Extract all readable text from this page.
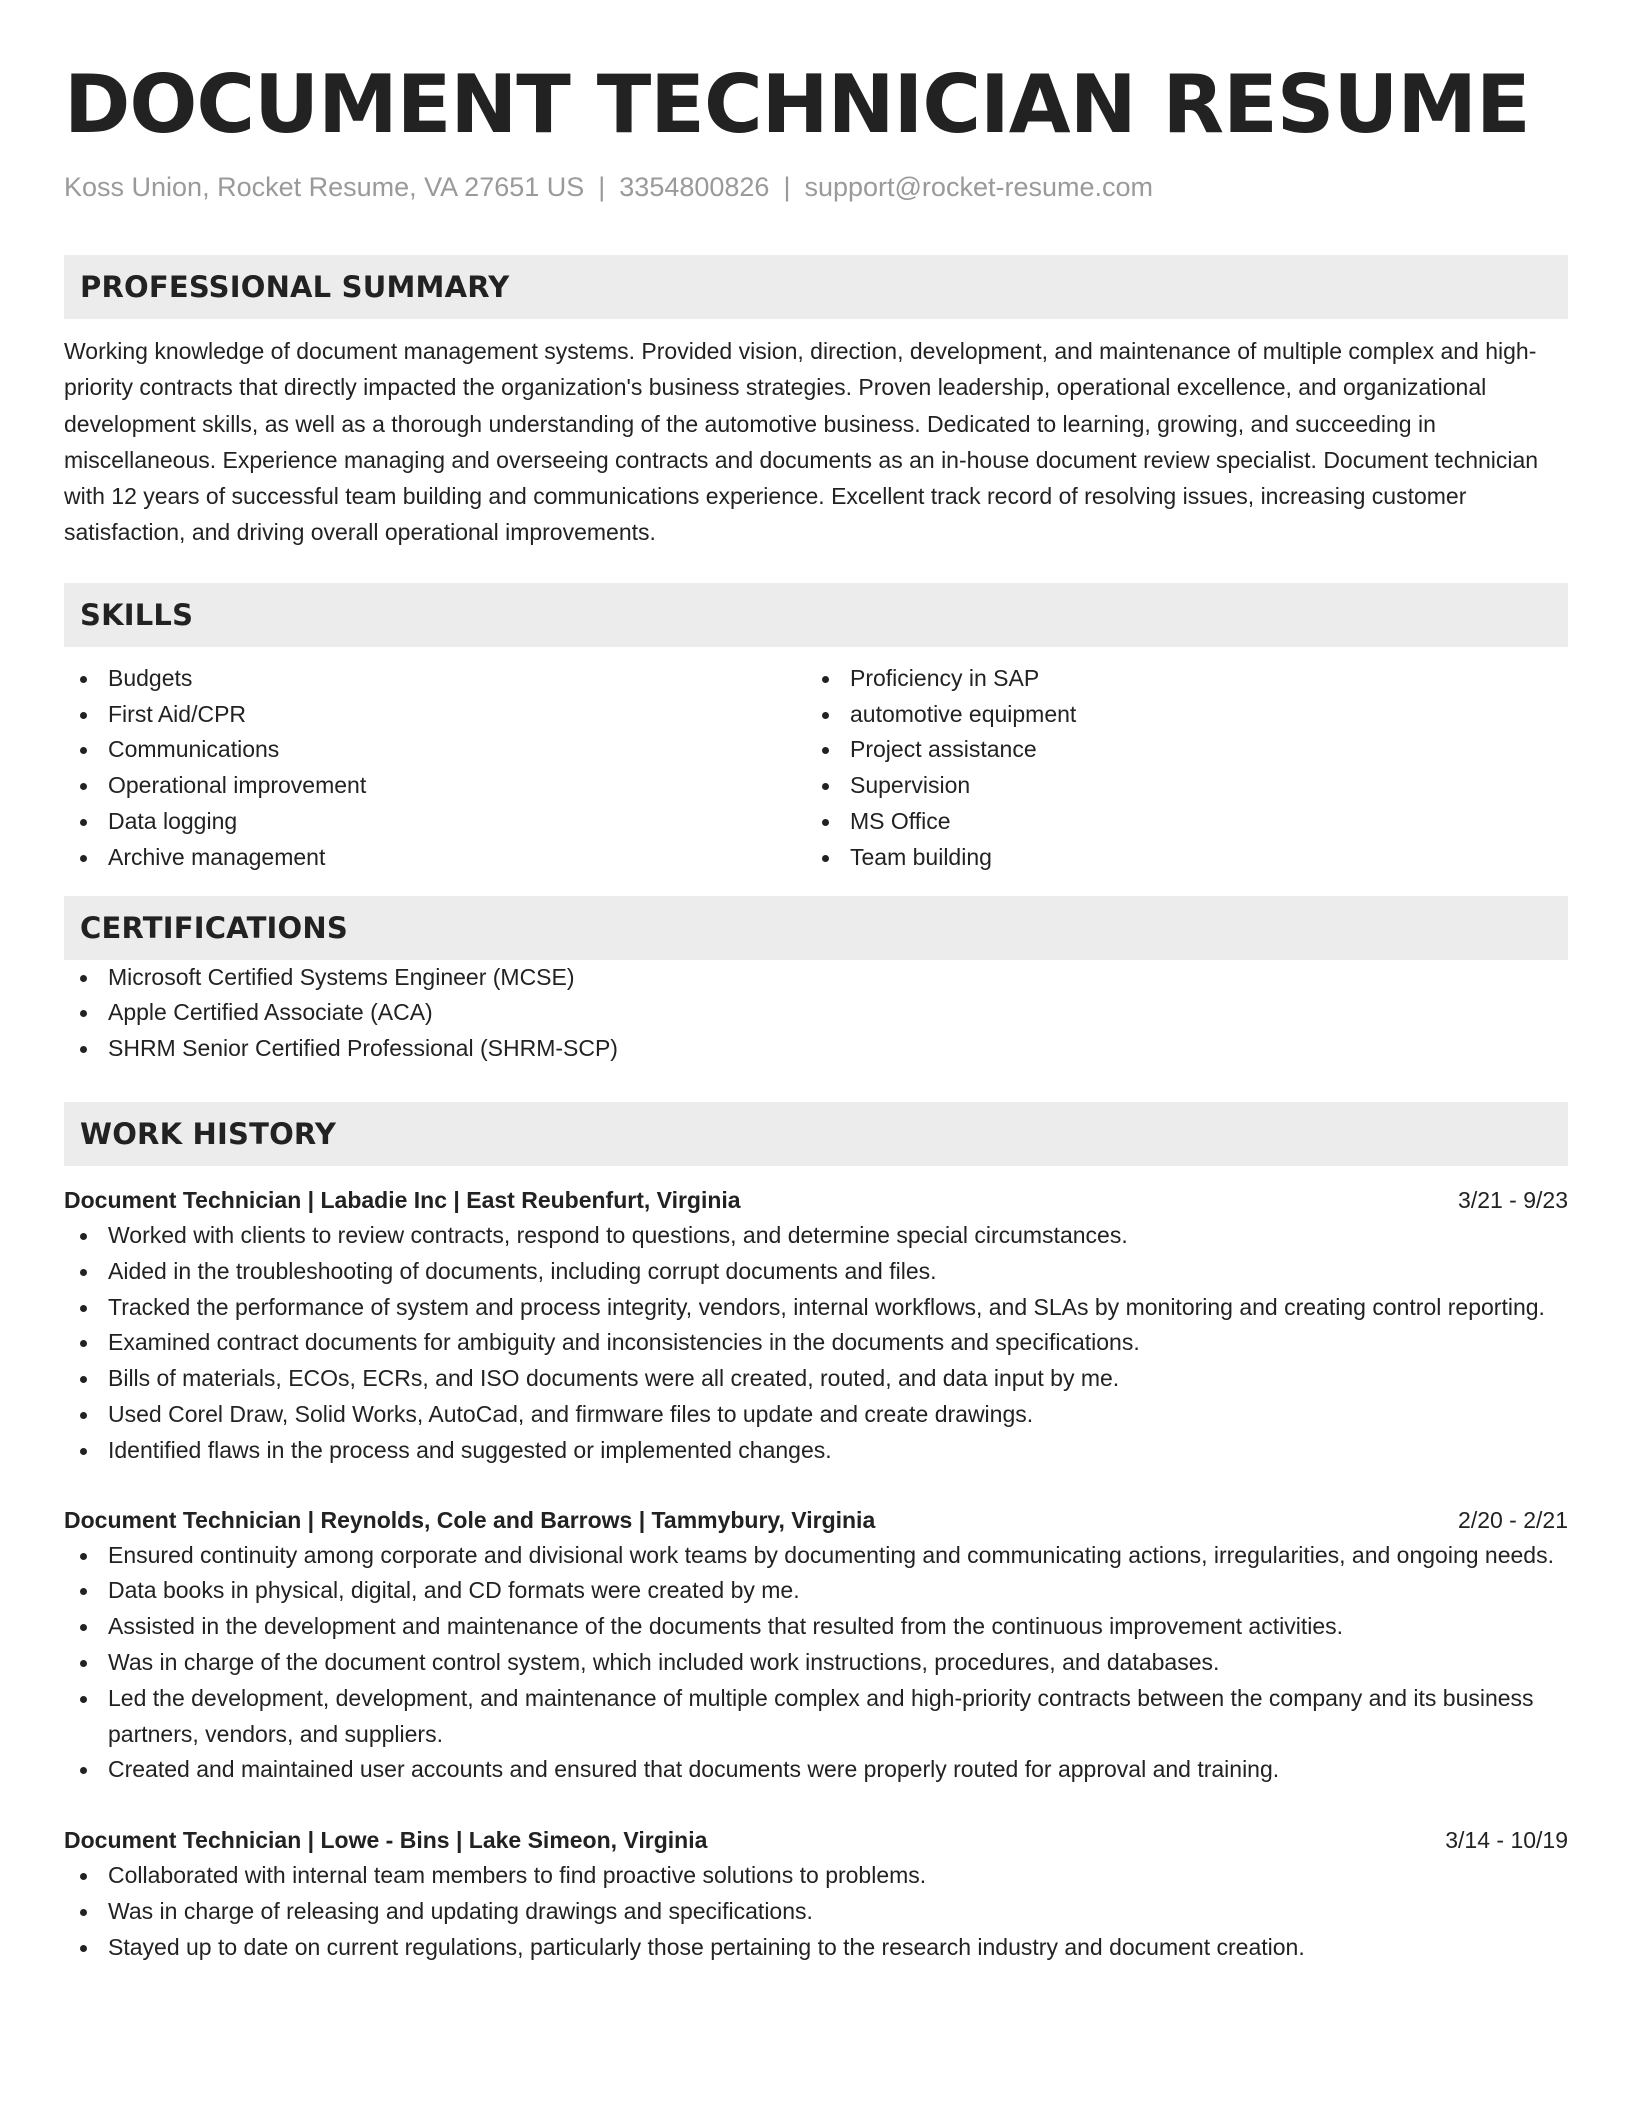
DOCUMENT TECHNICIAN RESUME
Koss Union, Rocket Resume, VA 27651 US | 3354800826 | support@rocket-resume.com
PROFESSIONAL SUMMARY

Working knowledge of document management systems. Provided vision, direction, development, and maintenance of multiple complex and high-priority contracts that directly impacted the organization's business strategies. Proven leadership, operational excellence, and organizational development skills, as well as a thorough understanding of the automotive business. Dedicated to learning, growing, and succeeding in miscellaneous. Experience managing and overseeing contracts and documents as an in-house document review specialist. Document technician with 12 years of successful team building and communications experience. Excellent track record of resolving issues, increasing customer satisfaction, and driving overall operational improvements.

SKILLS
Budgets
First Aid/CPR
Communications
Operational improvement
Data logging
Archive management
Proficiency in SAP
automotive equipment
Project assistance
Supervision
MS Office
Team building
CERTIFICATIONS
Microsoft Certified Systems Engineer (MCSE)
Apple Certified Associate (ACA)
SHRM Senior Certified Professional (SHRM-SCP)
WORK HISTORY
Document Technician | Labadie Inc | East Reubenfurt, Virginia	3/21 - 9/23
Worked with clients to review contracts, respond to questions, and determine special circumstances.
Aided in the troubleshooting of documents, including corrupt documents and files.
Tracked the performance of system and process integrity, vendors, internal workflows, and SLAs by monitoring and creating control reporting.
Examined contract documents for ambiguity and inconsistencies in the documents and specifications.
Bills of materials, ECOs, ECRs, and ISO documents were all created, routed, and data input by me.
Used Corel Draw, Solid Works, AutoCad, and firmware files to update and create drawings.
Identified flaws in the process and suggested or implemented changes.
Document Technician | Reynolds, Cole and Barrows | Tammybury, Virginia	2/20 - 2/21
Ensured continuity among corporate and divisional work teams by documenting and communicating actions, irregularities, and ongoing needs.
Data books in physical, digital, and CD formats were created by me.
Assisted in the development and maintenance of the documents that resulted from the continuous improvement activities.
Was in charge of the document control system, which included work instructions, procedures, and databases.
Led the development, development, and maintenance of multiple complex and high-priority contracts between the company and its business partners, vendors, and suppliers.
Created and maintained user accounts and ensured that documents were properly routed for approval and training.
Document Technician | Lowe - Bins | Lake Simeon, Virginia	3/14 - 10/19
Collaborated with internal team members to find proactive solutions to problems.
Was in charge of releasing and updating drawings and specifications.
Stayed up to date on current regulations, particularly those pertaining to the research industry and document creation.
